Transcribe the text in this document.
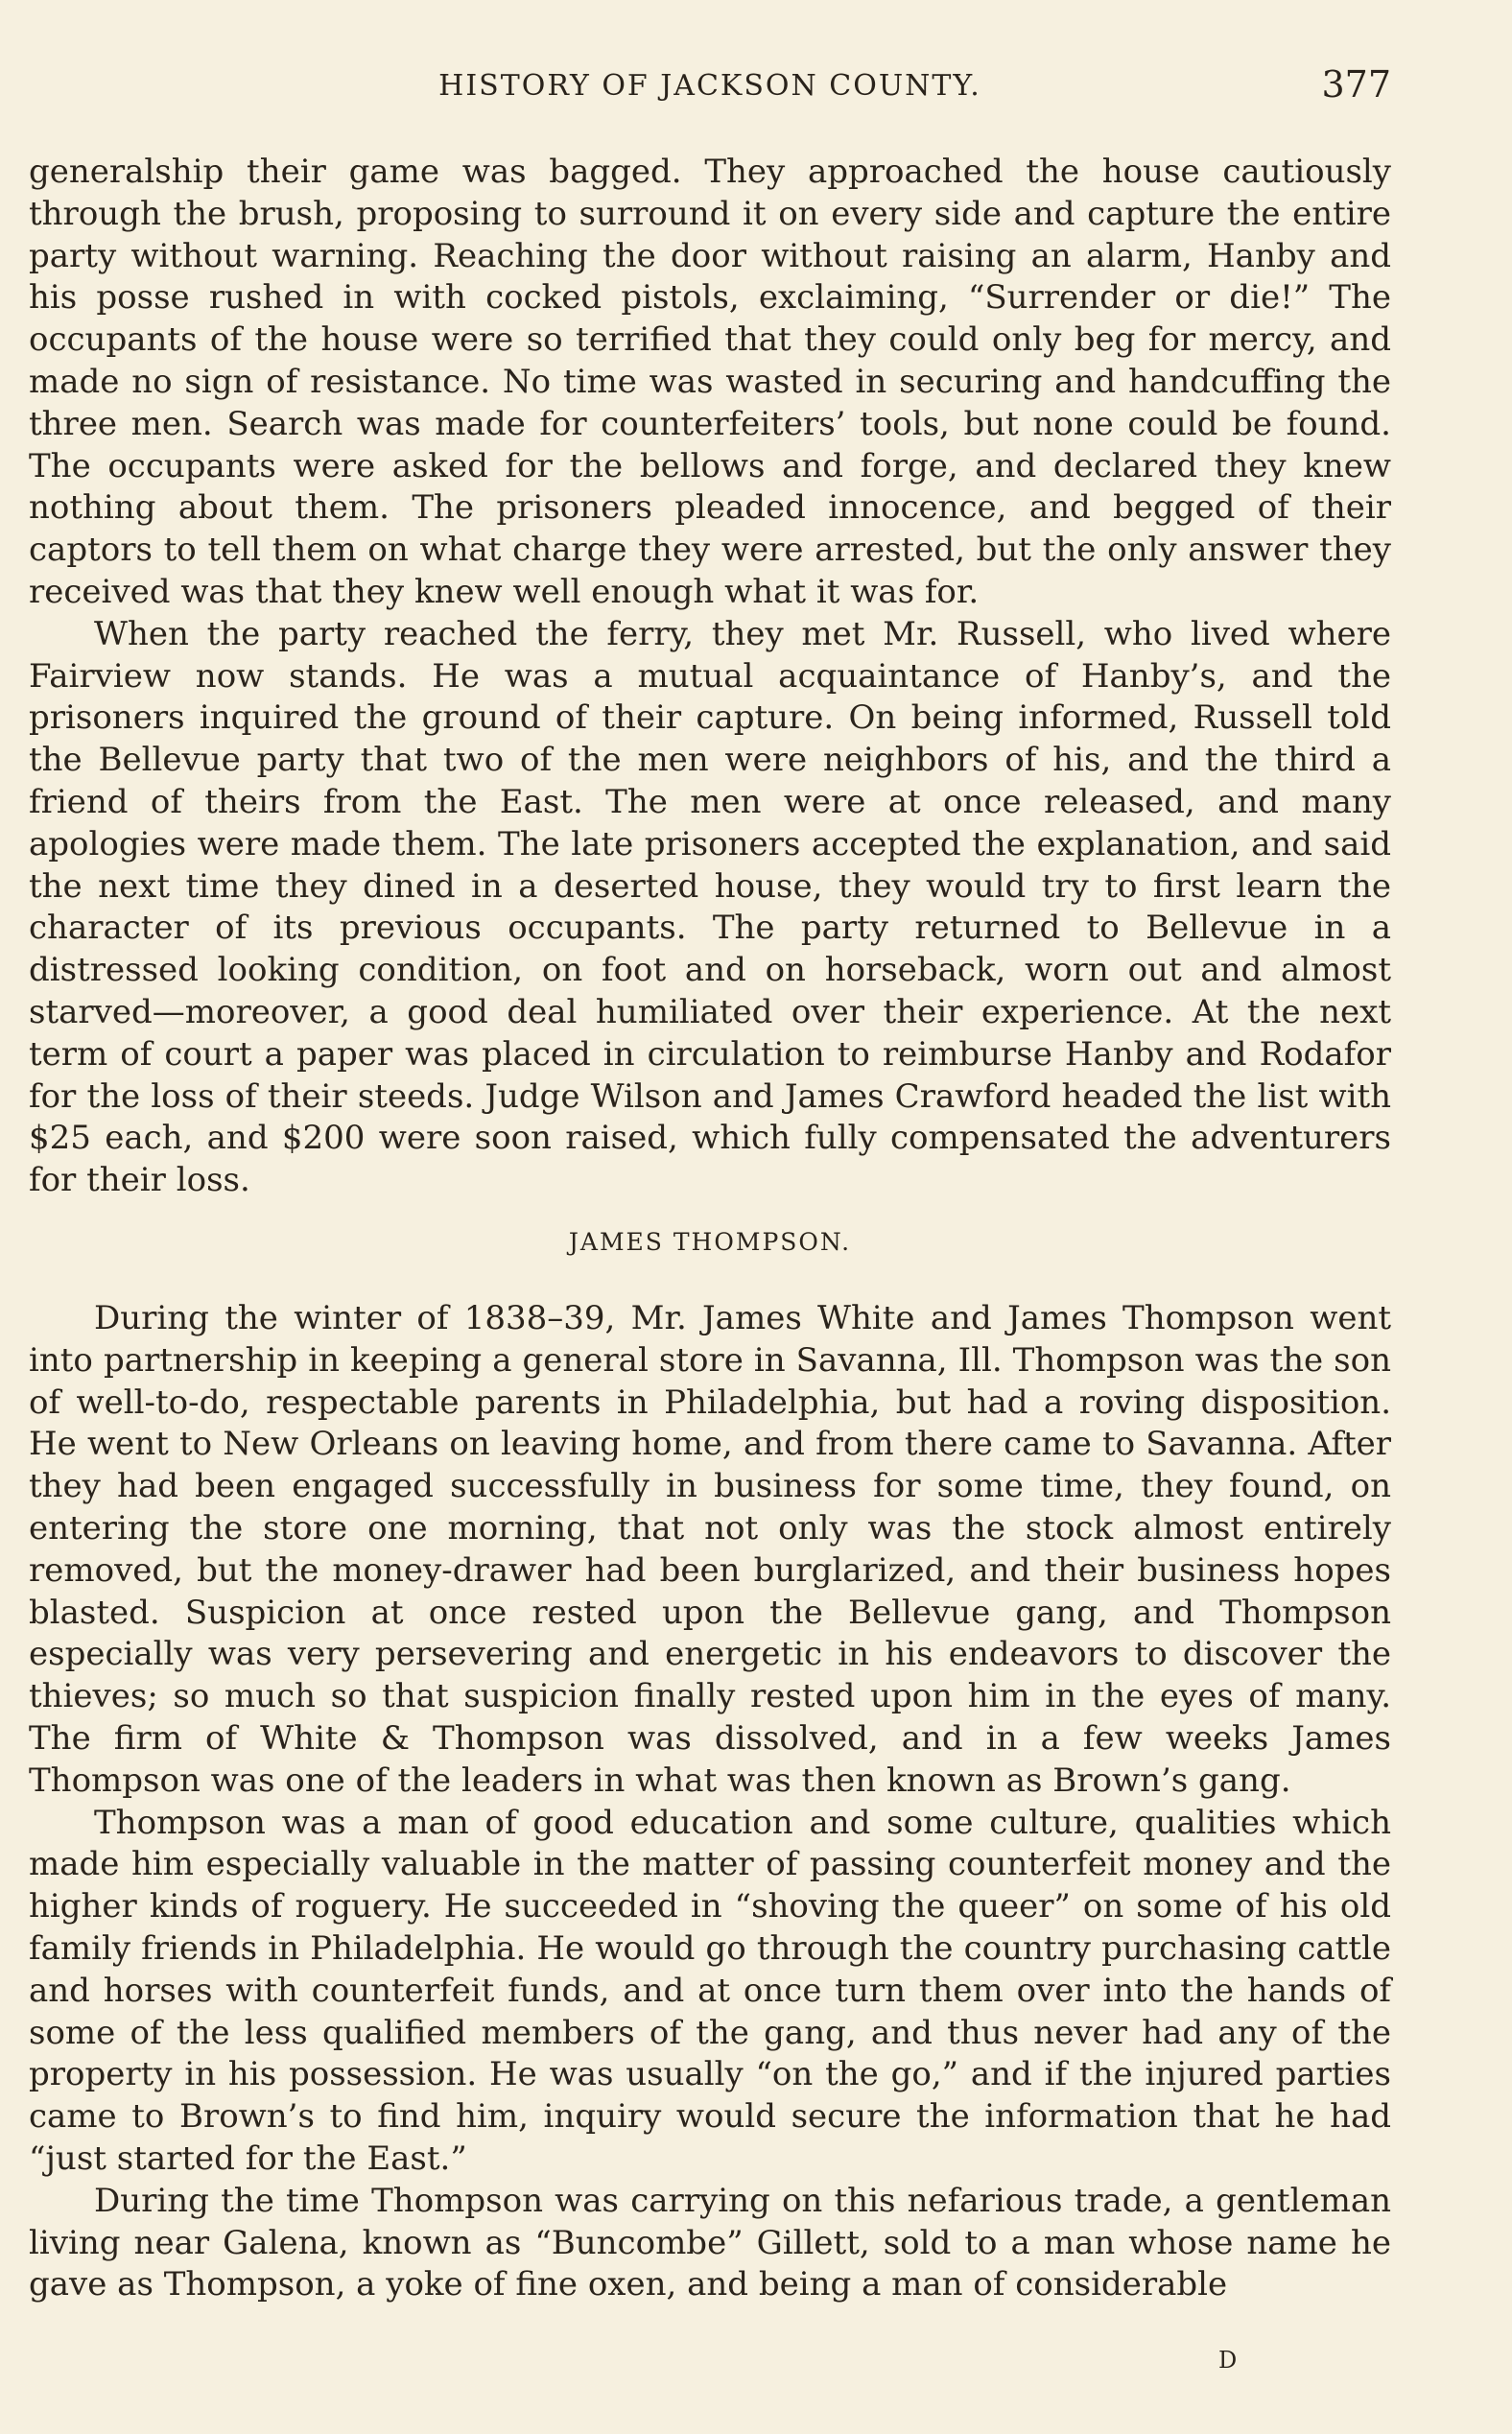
HISTORY OF JACKSON COUNTY.	377

generalship their game was bagged. They approached the house cautiously through the brush, proposing to surround it on every side and capture the entire party without warning. Reaching the door without raising an alarm, Hanby and his posse rushed in with cocked pistols, exclaiming, “Surrender or die!” The occupants of the house were so terrified that they could only beg for mercy, and made no sign of resistance. No time was wasted in securing and handcuffing the three men. Search was made for counterfeiters’ tools, but none could be found. The occupants were asked for the bellows and forge, and declared they knew nothing about them. The prisoners pleaded innocence, and begged of their captors to tell them on what charge they were arrested, but the only answer they received was that they knew well enough what it was for.

When the party reached the ferry, they met Mr. Russell, who lived where Fairview now stands. He was a mutual acquaintance of Hanby’s, and the prisoners inquired the ground of their capture. On being informed, Russell told the Bellevue party that two of the men were neighbors of his, and the third a friend of theirs from the East. The men were at once released, and many apologies were made them. The late prisoners accepted the explanation, and said the next time they dined in a deserted house, they would try to first learn the character of its previous occupants. The party returned to Bellevue in a distressed looking condition, on foot and on horseback, worn out and almost starved—moreover, a good deal humiliated over their experience. At the next term of court a paper was placed in circulation to reimburse Hanby and Rodafor for the loss of their steeds. Judge Wilson and James Crawford headed the list with $25 each, and $200 were soon raised, which fully compensated the adventurers for their loss.

JAMES THOMPSON.

During the winter of 1838–39, Mr. James White and James Thompson went into partnership in keeping a general store in Savanna, Ill. Thompson was the son of well-to-do, respectable parents in Philadelphia, but had a roving disposition. He went to New Orleans on leaving home, and from there came to Savanna. After they had been engaged successfully in business for some time, they found, on entering the store one morning, that not only was the stock almost entirely removed, but the money-drawer had been burglarized, and their business hopes blasted. Suspicion at once rested upon the Bellevue gang, and Thompson especially was very persevering and energetic in his endeavors to discover the thieves; so much so that suspicion finally rested upon him in the eyes of many. The firm of White & Thompson was dissolved, and in a few weeks James Thompson was one of the leaders in what was then known as Brown’s gang.

Thompson was a man of good education and some culture, qualities which made him especially valuable in the matter of passing counterfeit money and the higher kinds of roguery. He succeeded in “shoving the queer” on some of his old family friends in Philadelphia. He would go through the country purchasing cattle and horses with counterfeit funds, and at once turn them over into the hands of some of the less qualified members of the gang, and thus never had any of the property in his possession. He was usually “on the go,” and if the injured parties came to Brown’s to find him, inquiry would secure the information that he had “just started for the East.”

During the time Thompson was carrying on this nefarious trade, a gentleman living near Galena, known as “Buncombe” Gillett, sold to a man whose name he gave as Thompson, a yoke of fine oxen, and being a man of considerable

D
